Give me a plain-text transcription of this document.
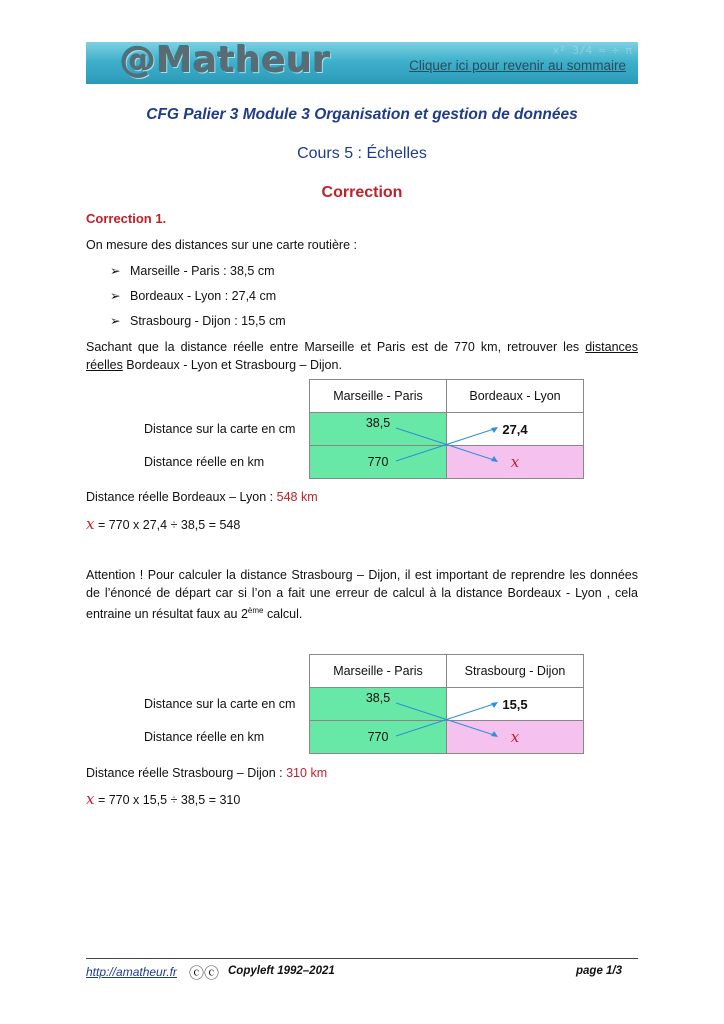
@Matheur	x² 3/4 ≈ ÷ π
Cliquer ici pour revenir au sommaire
CFG Palier 3 Module 3 Organisation et gestion de données
Cours 5 : Échelles
Correction
Correction 1.
On mesure des distances sur une carte routière :
➢ Marseille - Paris : 38,5 cm
➢ Bordeaux - Lyon : 27,4 cm
➢ Strasbourg - Dijon : 15,5 cm
Sachant que la distance réelle entre Marseille et Paris est de 770 km, retrouver les distances réelles Bordeaux - Lyon et Strasbourg – Dijon.
	Marseille - Paris	Bordeaux - Lyon
Distance sur la carte en cm	38,5	27,4
Distance réelle en km	770	x
Distance réelle Bordeaux – Lyon : 548 km
x = 770 x 27,4 ÷ 38,5 = 548
Attention ! Pour calculer la distance Strasbourg – Dijon, il est important de reprendre les données de l’énoncé de départ car si l’on a fait une erreur de calcul à la distance Bordeaux - Lyon , cela entraine un résultat faux au 2ème calcul.
	Marseille - Paris	Strasbourg - Dijon
Distance sur la carte en cm	38,5	15,5
Distance réelle en km	770	x
Distance réelle Strasbourg – Dijon : 310 km
x = 770 x 15,5 ÷ 38,5 = 310
http://amatheur.fr ⓒⓒ Copyleft 1992–2021	page 1/3
